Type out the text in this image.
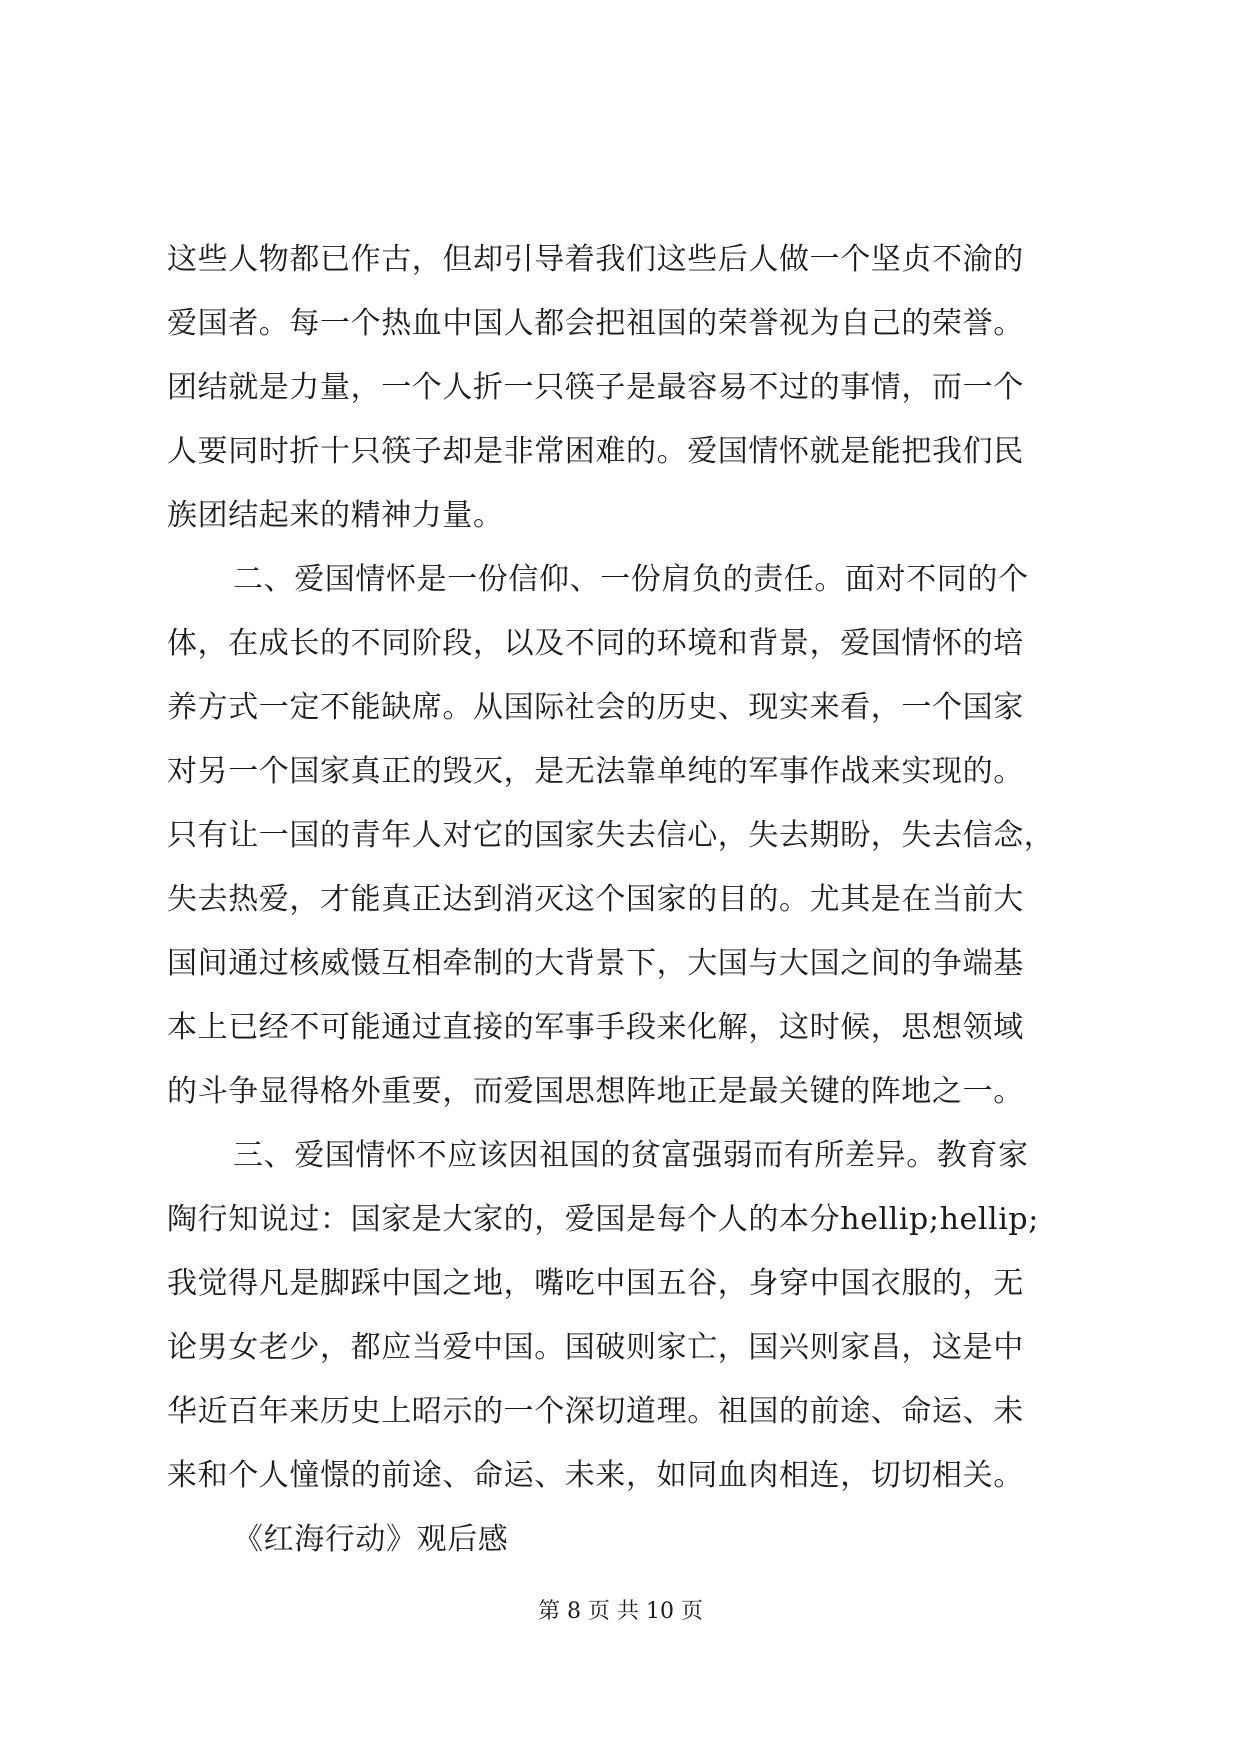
这些人物都已作古，但却引导着我们这些后人做一个坚贞不渝的
爱国者。每一个热血中国人都会把祖国的荣誉视为自己的荣誉。
团结就是力量，一个人折一只筷子是最容易不过的事情，而一个
人要同时折十只筷子却是非常困难的。爱国情怀就是能把我们民
族团结起来的精神力量。
二、爱国情怀是一份信仰、一份肩负的责任。面对不同的个
体，在成长的不同阶段，以及不同的环境和背景，爱国情怀的培
养方式一定不能缺席。从国际社会的历史、现实来看，一个国家
对另一个国家真正的毁灭，是无法靠单纯的军事作战来实现的。
只有让一国的青年人对它的国家失去信心，失去期盼，失去信念，
失去热爱，才能真正达到消灭这个国家的目的。尤其是在当前大
国间通过核威慑互相牵制的大背景下，大国与大国之间的争端基
本上已经不可能通过直接的军事手段来化解，这时候，思想领域
的斗争显得格外重要，而爱国思想阵地正是最关键的阵地之一。
三、爱国情怀不应该因祖国的贫富强弱而有所差异。教育家
陶行知说过：国家是大家的，爱国是每个人的本分hellip;hellip;
我觉得凡是脚踩中国之地，嘴吃中国五谷，身穿中国衣服的，无
论男女老少，都应当爱中国。国破则家亡，国兴则家昌，这是中
华近百年来历史上昭示的一个深切道理。祖国的前途、命运、未
来和个人憧憬的前途、命运、未来，如同血肉相连，切切相关。
《红海行动》观后感
第 8 页 共 10 页
